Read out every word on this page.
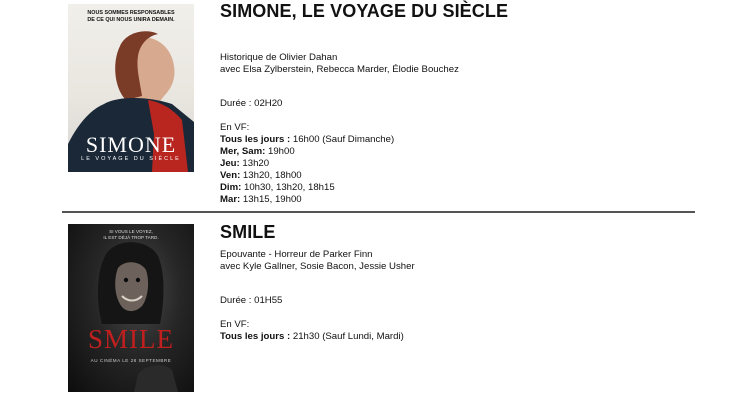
NOUS SOMMES RESPONSABLES
DE CE QUI NOUS UNIRA DEMAIN.
SIMONE
LE VOYAGE DU SIÈCLE
SIMONE, LE VOYAGE DU SIÈCLE
Historique de Olivier Dahan
avec Elsa Zylberstein, Rebecca Marder, Élodie Bouchez
Durée : 02H20
En VF:
Tous les jours : 16h00 (Sauf Dimanche)
Mer, Sam: 19h00
Jeu: 13h20
Ven: 13h20, 18h00
Dim: 10h30, 13h20, 18h15
Mar: 13h15, 19h00
SI VOUS LE VOYEZ,
IL EST DÉJÀ TROP TARD.
SMILE
AU CINÉMA LE 28 SEPTEMBRE
SMILE
Epouvante - Horreur de Parker Finn
avec Kyle Gallner, Sosie Bacon, Jessie Usher
Durée : 01H55
En VF:
Tous les jours : 21h30 (Sauf Lundi, Mardi)
